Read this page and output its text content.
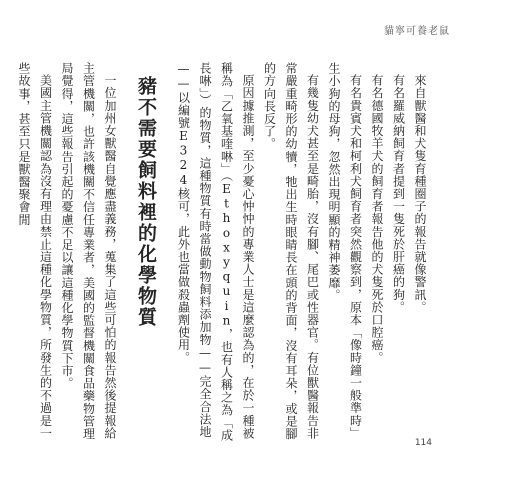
貓寧可養老鼠

來自獸醫和犬隻育種圈子的報告就像警訊。

有名羅威納飼育者提到一隻死於肝癌的狗。

有名德國牧羊犬的飼育者報告他的犬隻死於口腔癌。

有名貴賓犬和柯利犬飼育者突然觀察到，原本「像時鐘一般準時」生小狗的母狗，忽然出現明顯的精神萎靡。

有幾隻幼犬甚至是畸胎，沒有腳、尾巴或性器官。有位獸醫報告非常嚴重畸形的幼犢，牠出生時眼睛長在頭的背面，沒有耳朵，或是腳的方向長反了。

原因據推測，至少憂心忡忡的專業人士是這麼認為的，在於一種被稱為「乙氧基喹啉」（Ethoxyquin，也有人稱之為「成長啉」）的物質，這種物質有時當做動物飼料添加物——完全合法地——以編號E324核可，此外也當做殺蟲劑使用。

豬不需要飼料裡的化學物質

一位加州女獸醫自覺應盡義務，蒐集了這些可怕的報告然後提報給主管機關，也許該機關不信任專業者，美國的監督機關食品藥物管理局覺得，這些報告引起的憂慮不足以讓這種化學物質下市。

美國主管機關認為沒有理由禁止這種化學物質，所發生的不過是一些故事，甚至只是獸醫聚會閒

114
